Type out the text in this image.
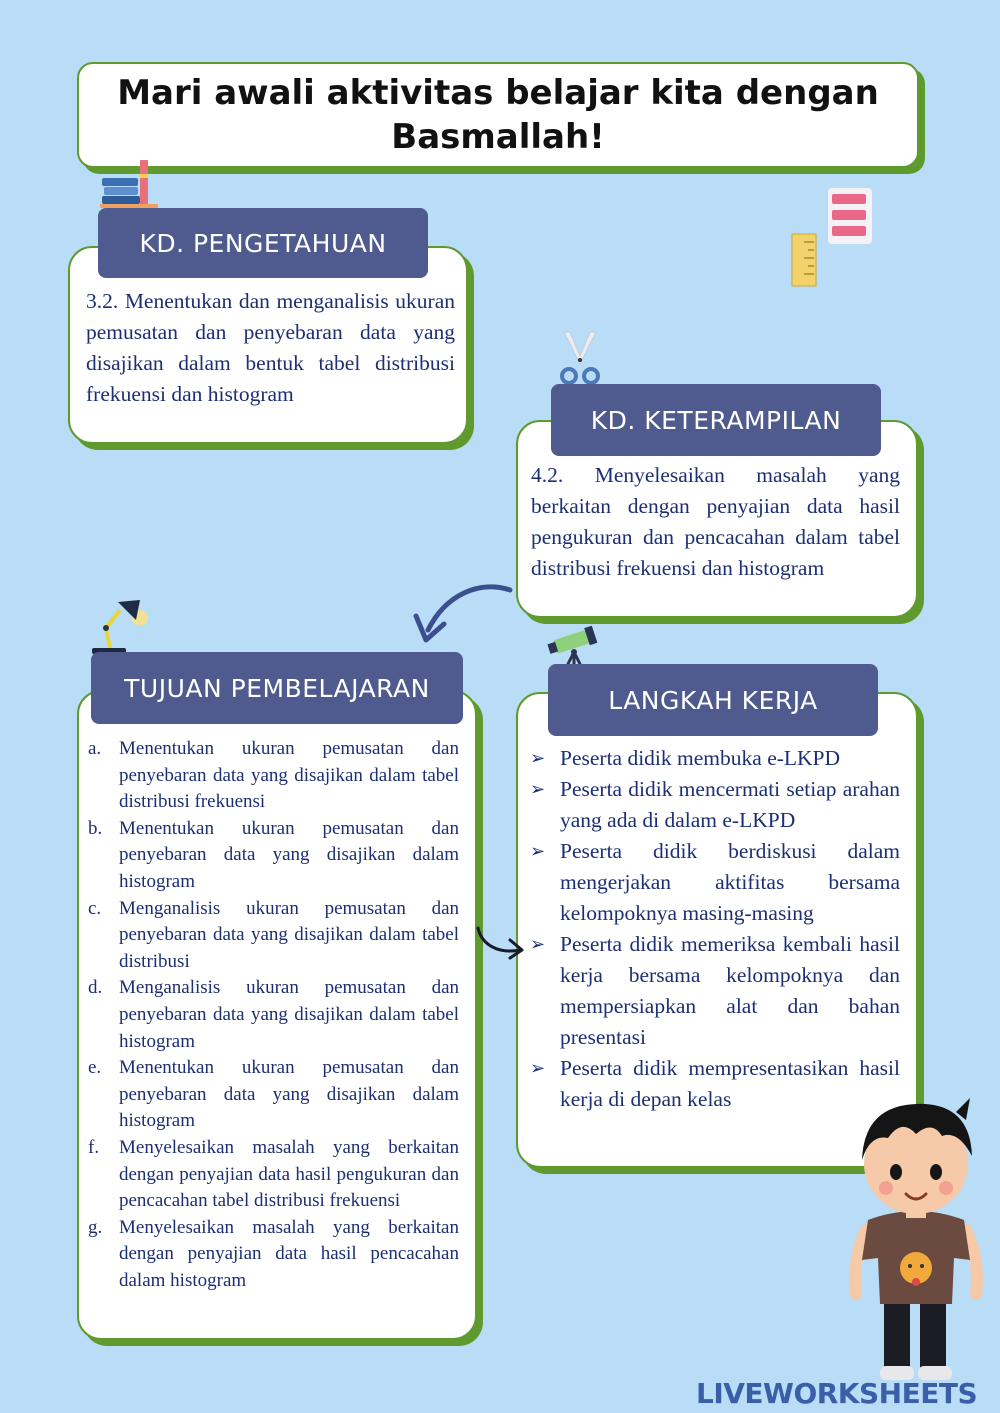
Mari awali aktivitas belajar kita dengan
Basmallah!
KD. PENGETAHUAN

3.2. Menentukan dan menganalisis ukuran pemusatan dan penyebaran data yang disajikan dalam bentuk tabel distribusi frekuensi dan histogram

KD. KETERAMPILAN

4.2. Menyelesaikan masalah yang berkaitan dengan penyajian data hasil pengukuran dan pencacahan dalam tabel distribusi frekuensi dan histogram

TUJUAN PEMBELAJARAN
a. Menentukan ukuran pemusatan dan penyebaran data yang disajikan dalam tabel distribusi frekuensi
b. Menentukan ukuran pemusatan dan penyebaran data yang disajikan dalam histogram
c. Menganalisis ukuran pemusatan dan penyebaran data yang disajikan dalam tabel distribusi
d. Menganalisis ukuran pemusatan dan penyebaran data yang disajikan dalam tabel histogram
e. Menentukan ukuran pemusatan dan penyebaran data yang disajikan dalam histogram
f. Menyelesaikan masalah yang berkaitan dengan penyajian data hasil pengukuran dan pencacahan tabel distribusi frekuensi
g. Menyelesaikan masalah yang berkaitan dengan penyajian data hasil pencacahan dalam histogram
LANGKAH KERJA
➢ Peserta didik membuka e-LKPD
➢ Peserta didik mencermati setiap arahan yang ada di dalam e-LKPD
➢ Peserta didik berdiskusi dalam mengerjakan aktifitas bersama kelompoknya masing-masing
➢ Peserta didik memeriksa kembali hasil kerja bersama kelompoknya dan mempersiapkan alat dan bahan presentasi
➢ Peserta didik mempresentasikan hasil kerja di depan kelas
LIVEWORKSHEETS
